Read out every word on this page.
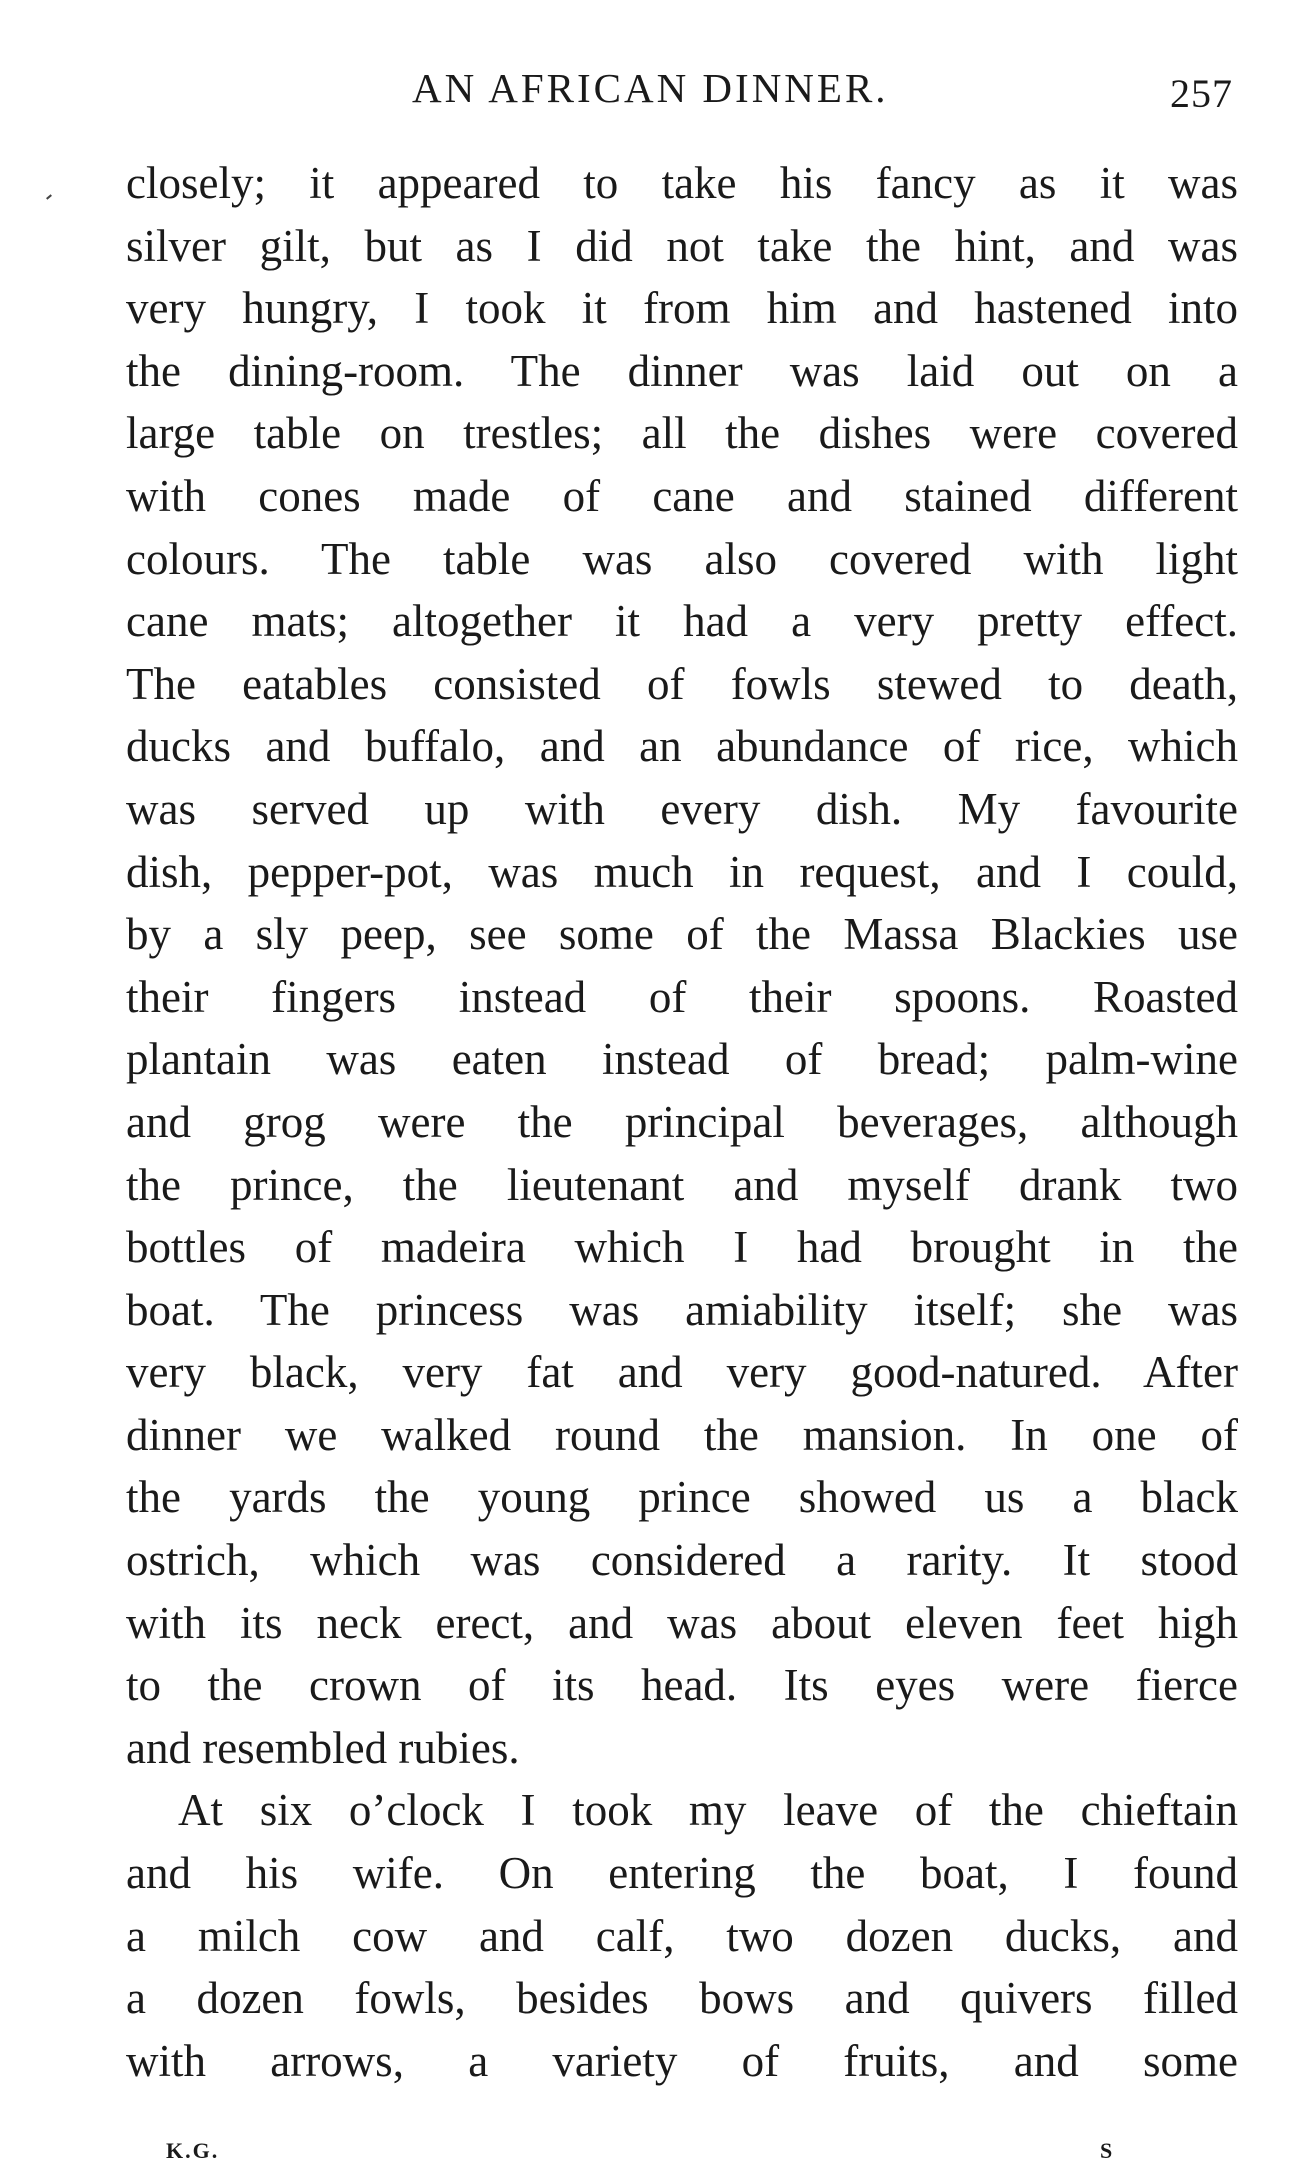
AN AFRICAN DINNER.	257
closely; it appeared to take his fancy as it was
silver gilt, but as I did not take the hint, and was
very hungry, I took it from him and hastened into
the dining-room. The dinner was laid out on a
large table on trestles; all the dishes were covered
with cones made of cane and stained different
colours. The table was also covered with light
cane mats; altogether it had a very pretty effect.
The eatables consisted of fowls stewed to death,
ducks and buffalo, and an abundance of rice, which
was served up with every dish. My favourite
dish, pepper-pot, was much in request, and I could,
by a sly peep, see some of the Massa Blackies use
their fingers instead of their spoons. Roasted
plantain was eaten instead of bread; palm-wine
and grog were the principal beverages, although
the prince, the lieutenant and myself drank two
bottles of madeira which I had brought in the
boat. The princess was amiability itself; she was
very black, very fat and very good-natured. After
dinner we walked round the mansion. In one of
the yards the young prince showed us a black
ostrich, which was considered a rarity. It stood
with its neck erect, and was about eleven feet high
to the crown of its head. Its eyes were fierce
and resembled rubies.
At six o’clock I took my leave of the chieftain
and his wife. On entering the boat, I found
a milch cow and calf, two dozen ducks, and
a dozen fowls, besides bows and quivers filled
with arrows, a variety of fruits, and some
K.G.	S
